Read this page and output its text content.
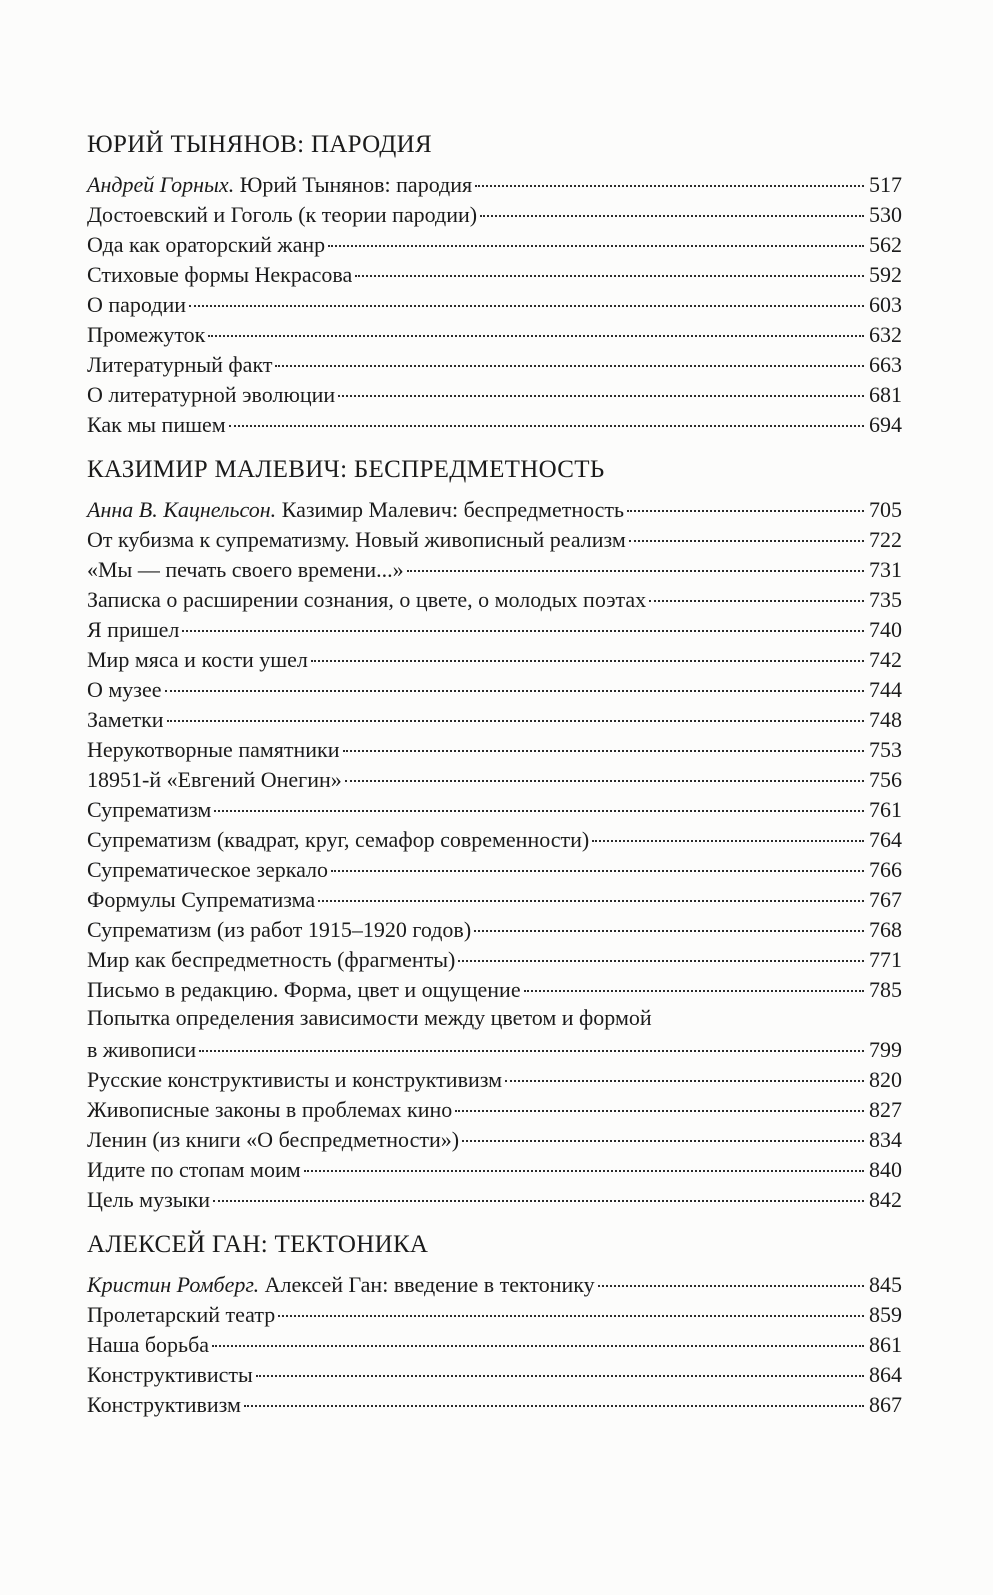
ЮРИЙ ТЫНЯНОВ: ПАРОДИЯ
Андрей Горных. Юрий Тынянов: пародия	517
Достоевский и Гоголь (к теории пародии)	530
Ода как ораторский жанр	562
Стиховые формы Некрасова	592
О пародии	603
Промежуток	632
Литературный факт	663
О литературной эволюции	681
Как мы пишем	694
КАЗИМИР МАЛЕВИЧ: БЕСПРЕДМЕТНОСТЬ
Анна В. Кацнельсон. Казимир Малевич: беспредметность	705
От кубизма к супрематизму. Новый живописный реализм	722
«Мы — печать своего времени...»	731
Записка о расширении сознания, о цвете, о молодых поэтах	735
Я пришел	740
Мир мяса и кости ушел	742
О музее	744
Заметки	748
Нерукотворные памятники	753
18951-й «Евгений Онегин»	756
Супрематизм	761
Супрематизм (квадрат, круг, семафор современности)	764
Супрематическое зеркало	766
Формулы Супрематизма	767
Супрематизм (из работ 1915–1920 годов)	768
Мир как беспредметность (фрагменты)	771
Письмо в редакцию. Форма, цвет и ощущение	785
Попытка определения зависимости между цветом и формой
в живописи	799
Русские конструктивисты и конструктивизм	820
Живописные законы в проблемах кино	827
Ленин (из книги «О беспредметности»)	834
Идите по стопам моим	840
Цель музыки	842
АЛЕКСЕЙ ГАН: ТЕКТОНИКА
Кристин Ромберг. Алексей Ган: введение в тектонику	845
Пролетарский театр	859
Наша борьба	861
Конструктивисты	864
Конструктивизм	867
